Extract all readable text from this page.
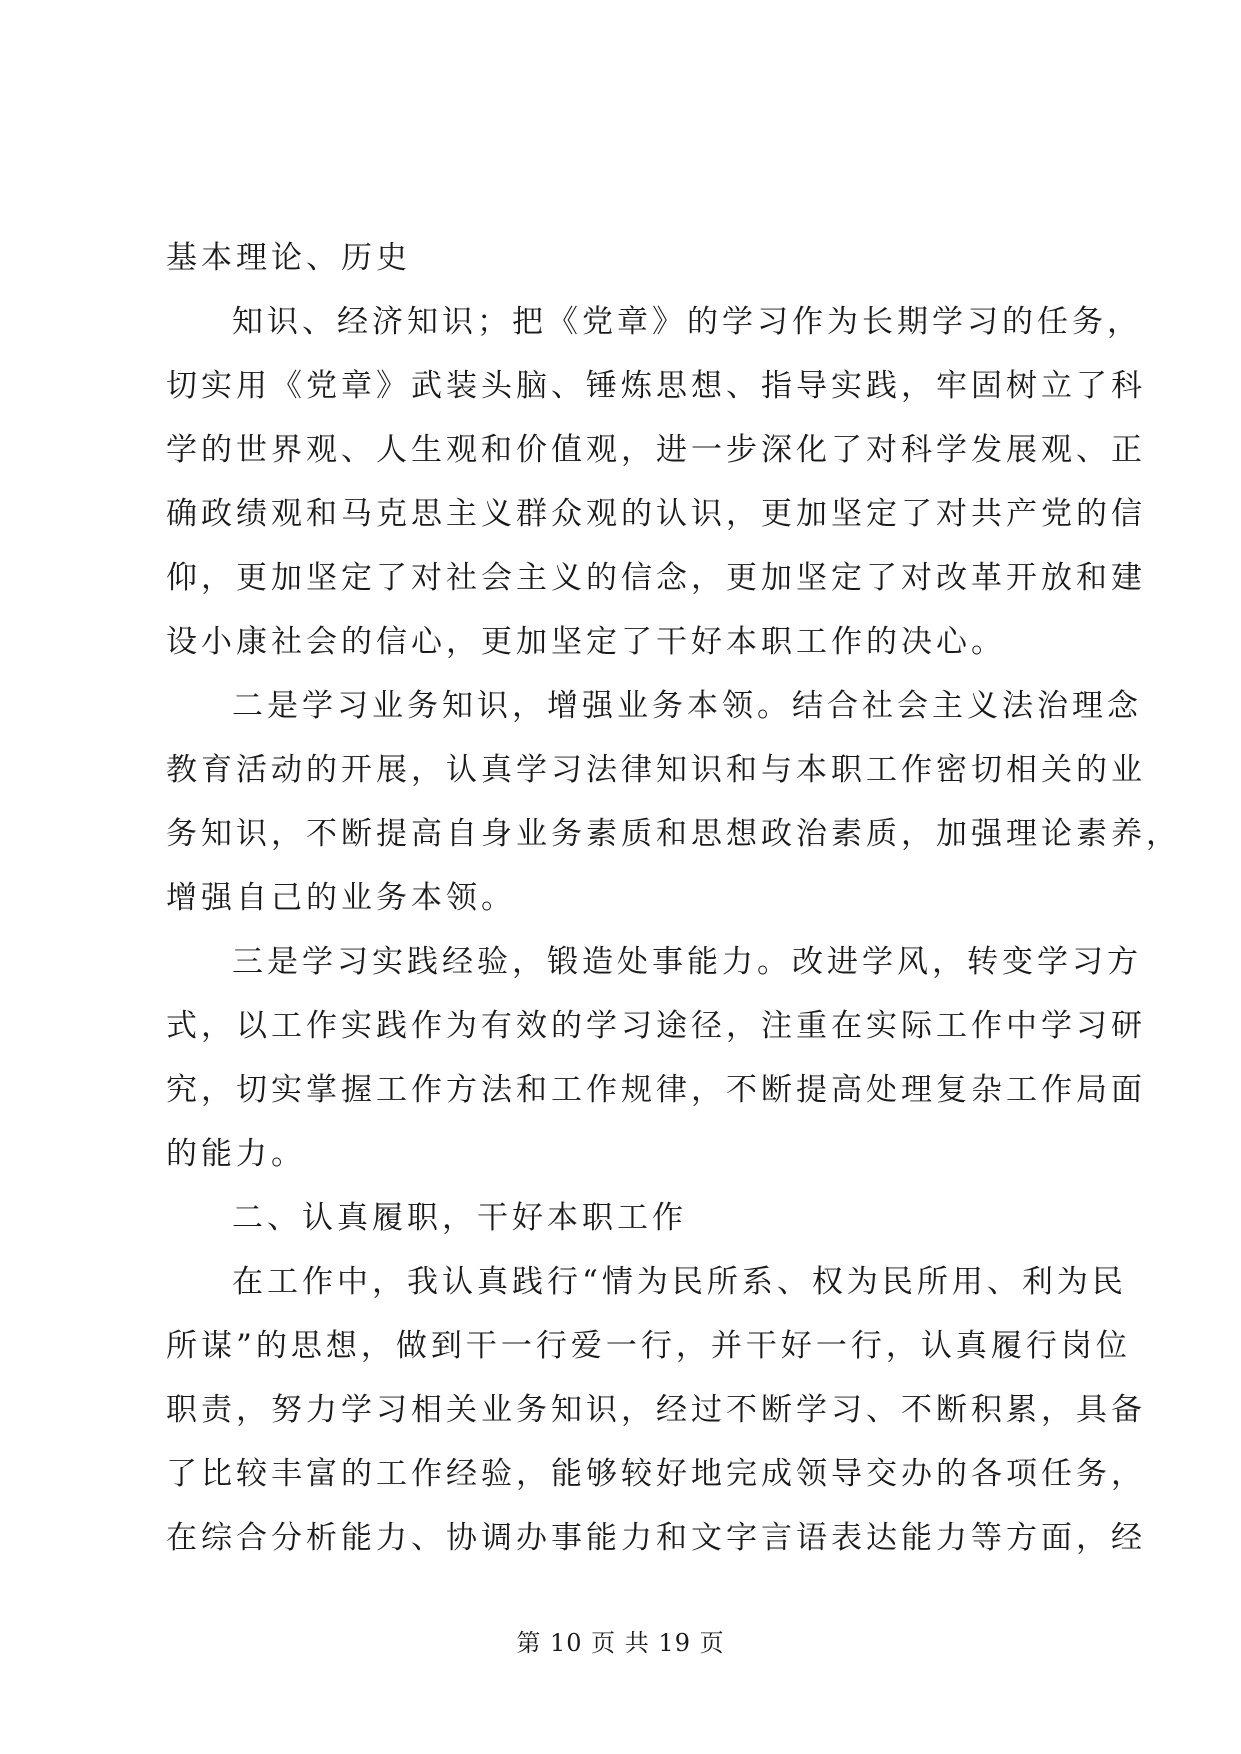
基本理论、历史
知识、经济知识；把《党章》的学习作为长期学习的任务，
切实用《党章》武装头脑、锤炼思想、指导实践，牢固树立了科
学的世界观、人生观和价值观，进一步深化了对科学发展观、正
确政绩观和马克思主义群众观的认识，更加坚定了对共产党的信
仰，更加坚定了对社会主义的信念，更加坚定了对改革开放和建
设小康社会的信心，更加坚定了干好本职工作的决心。
二是学习业务知识，增强业务本领。结合社会主义法治理念
教育活动的开展，认真学习法律知识和与本职工作密切相关的业
务知识，不断提高自身业务素质和思想政治素质，加强理论素养，
增强自己的业务本领。
三是学习实践经验，锻造处事能力。改进学风，转变学习方
式，以工作实践作为有效的学习途径，注重在实际工作中学习研
究，切实掌握工作方法和工作规律，不断提高处理复杂工作局面
的能力。
二、认真履职，干好本职工作
在工作中，我认真践行“情为民所系、权为民所用、利为民
所谋”的思想，做到干一行爱一行，并干好一行，认真履行岗位
职责，努力学习相关业务知识，经过不断学习、不断积累，具备
了比较丰富的工作经验，能够较好地完成领导交办的各项任务，
在综合分析能力、协调办事能力和文字言语表达能力等方面，经
第 10 页 共 19 页
